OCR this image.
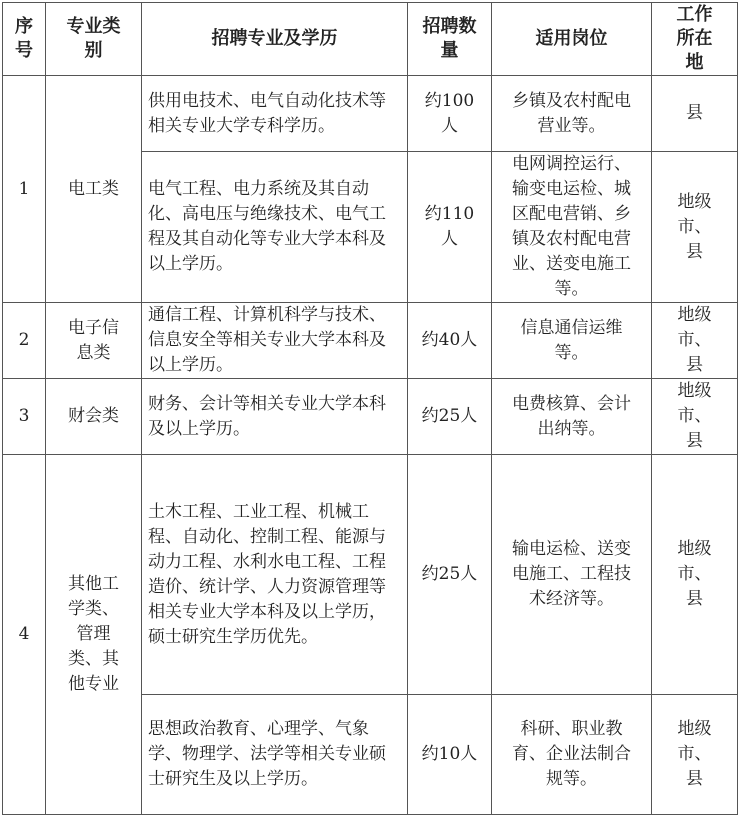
序号	专业类别	招聘专业及学历	招聘数量	适用岗位	工作所在地
1	电工类	供用电技术、电气自动化技术等相关专业大学专科学历。	约100人	乡镇及农村配电营业等。	县
		电气工程、电力系统及其自动化、高电压与绝缘技术、电气工程及其自动化等专业大学本科及以上学历。	约110人	电网调控运行、输变电运检、城区配电营销、乡镇及农村配电营业、送变电施工等。	地级市、县
2	电子信息类	通信工程、计算机科学与技术、信息安全等相关专业大学本科及以上学历。	约40人	信息通信运维等。	地级市、县
3	财会类	财务、会计等相关专业大学本科及以上学历。	约25人	电费核算、会计出纳等。	地级市、县
4	其他工学类、管理类、其他专业	土木工程、工业工程、机械工程、自动化、控制工程、能源与动力工程、水利水电工程、工程造价、统计学、人力资源管理等相关专业大学本科及以上学历，硕士研究生学历优先。	约25人	输电运检、送变电施工、工程技术经济等。	地级市、县
		思想政治教育、心理学、气象学、物理学、法学等相关专业硕士研究生及以上学历。	约10人	科研、职业教育、企业法制合规等。	地级市、县
